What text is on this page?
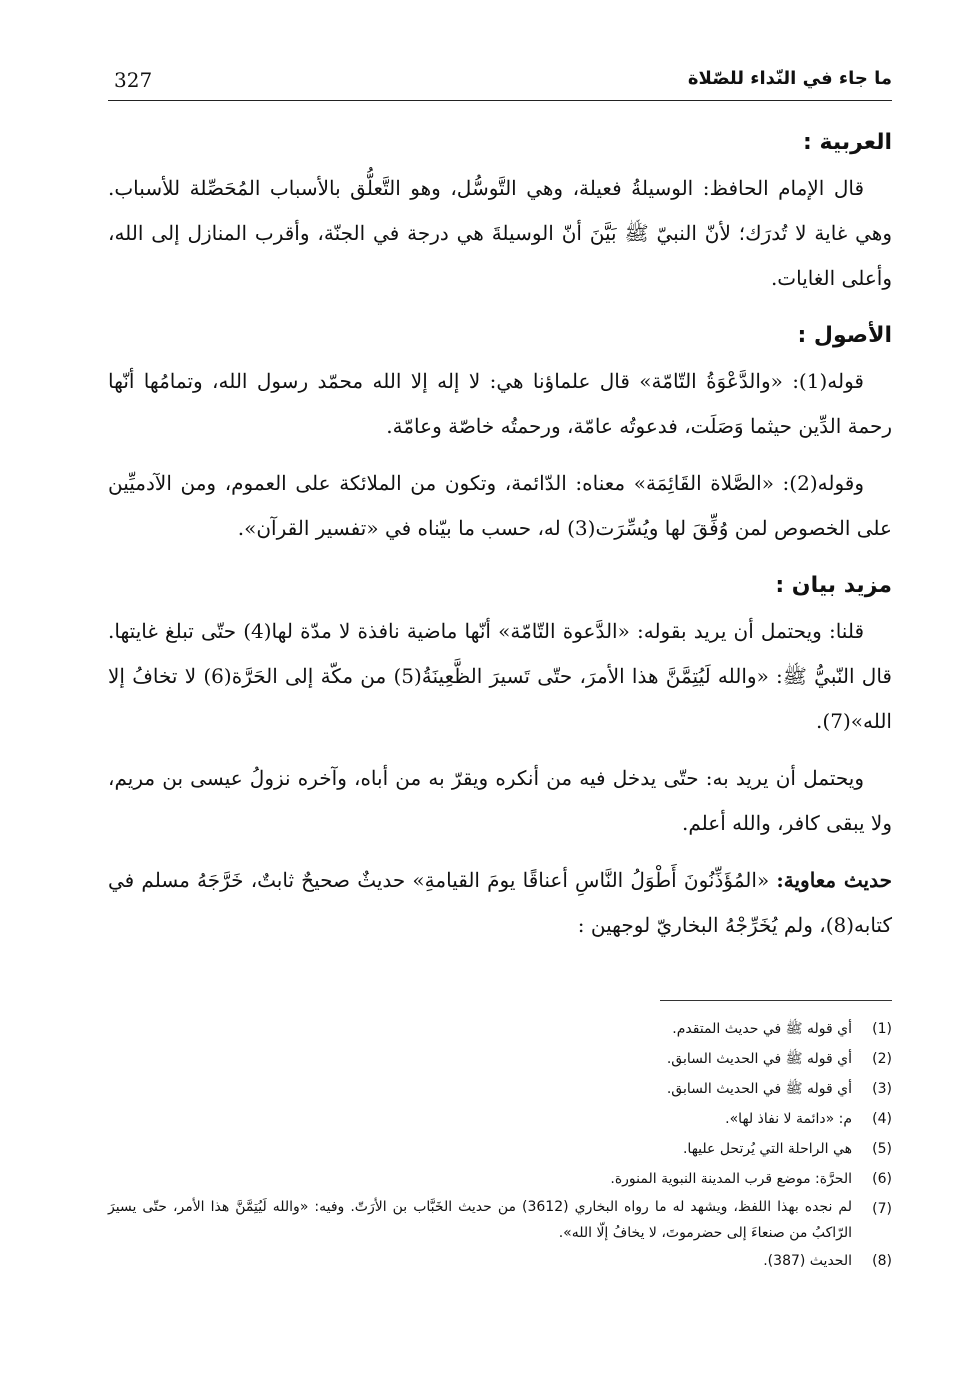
327	ما جاء في النّداء للصّلاة
العربية :

قال الإمام الحافظ: الوسيلةُ فعيلة، وهي التَّوسُّل، وهو التَّعلُّق بالأسباب المُحَصِّلة للأسباب. وهي غاية لا تُدرَك؛ لأنّ النبيّ ﷺ بَيَّنَ أنّ الوسيلةَ هي درجة في الجنّة، وأقرب المنازل إلى الله، وأعلى الغايات.

الأصول :

قوله(1): «والدَّعْوَةُ التّامّة» قال علماؤنا هي: لا إله إلا الله محمّد رسول الله، وتمامُها أنّها رحمة الدِّين حيثما وَصَلَت، فدعوتُه عامّة، ورحمتُه خاصّة وعامّة.

وقوله(2): «الصَّلاة القَائِمَة» معناه: الدّائمة، وتكون من الملائكة على العموم، ومن الآدميِّين على الخصوص لمن وُفِّقَ لها ويُسِّرَت(3) له، حسب ما بيّناه في «تفسير القرآن».

مزيد بيان :

قلنا: ويحتمل أن يريد بقوله: «الدَّعوة التّامّة» أنّها ماضية نافذة لا مدّة لها(4) حتّى تبلغ غايتها. قال النّبيُّ ﷺ: «والله لَيُتِمَّنَّ هذا الأمرَ، حتّى تَسيرَ الظَّعِينَةُ(5) من مكّة إلى الحَرَّة(6) لا تخافُ إلا الله»(7).

ويحتمل أن يريد به: حتّى يدخل فيه من أنكره ويقرّ به من أباه، وآخره نزولُ عيسى بن مريم، ولا يبقى كافر، والله أعلم.

حديث معاوية: «المُؤَذِّنُونَ أَطْوَلُ النَّاسِ أعناقًا يومَ القيامةِ» حديثٌ صحيحٌ ثابتٌ، خَرَّجَهُ مسلم في كتابه(8)، ولم يُخَرِّجْهُ البخاريّ لوجهين :

(1)
أي قوله ﷺ في حديث المتقدم.
(2)
أي قوله ﷺ في الحديث السابق.
(3)
أي قوله ﷺ في الحديث السابق.
(4)
م: «دائمة لا نفاذ لها».
(5)
هي الراحلة التي يُرتحل عليها.
(6)
الحرَّة: موضع قرب المدينة النبوية المنورة.
(7)
لم نجده بهذا اللفظ، ويشهد له ما رواه البخاري (3612) من حديث الخَبَّاب بن الأرَتّ. وفيه: «والله لَيُتِمَّنَّ هذا الأمر، حتّى يسيرَ الرّاكبُ من صنعاءَ إلى حضرموتَ، لا يخافُ إلّا الله».
(8)
الحديث (387).
